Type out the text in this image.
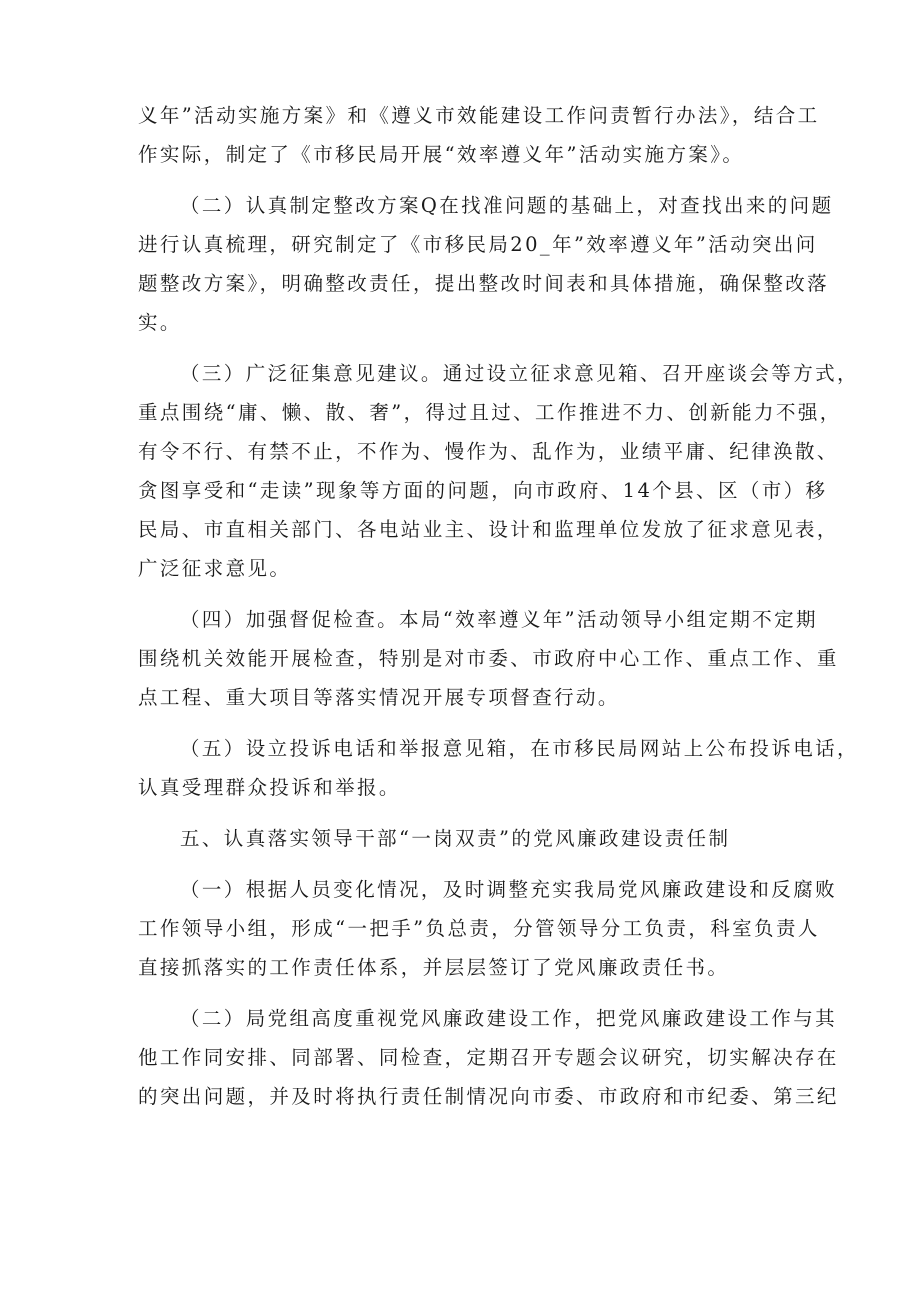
义年”活动实施方案》和《遵义市效能建设工作问责暂行办法》，结合工
作实际，制定了《市移民局开展“效率遵义年”活动实施方案》。

（二）认真制定整改方案Q在找准问题的基础上，对查找出来的问题
进行认真梳理，研究制定了《市移民局20_年”效率遵义年”活动突出问
题整改方案》，明确整改责任，提出整改时间表和具体措施，确保整改落
实。

（三）广泛征集意见建议。通过设立征求意见箱、召开座谈会等方式，
重点围绕“庸、懒、散、奢”，得过且过、工作推进不力、创新能力不强，
有令不行、有禁不止，不作为、慢作为、乱作为，业绩平庸、纪律涣散、
贪图享受和“走读”现象等方面的问题，向市政府、14个县、区（市）移
民局、市直相关部门、各电站业主、设计和监理单位发放了征求意见表，
广泛征求意见。

（四）加强督促检查。本局“效率遵义年”活动领导小组定期不定期
围绕机关效能开展检查，特别是对市委、市政府中心工作、重点工作、重
点工程、重大项目等落实情况开展专项督查行动。

（五）设立投诉电话和举报意见箱，在市移民局网站上公布投诉电话，
认真受理群众投诉和举报。

五、认真落实领导干部“一岗双责”的党风廉政建设责任制

（一）根据人员变化情况，及时调整充实我局党风廉政建设和反腐败
工作领导小组，形成“一把手”负总责，分管领导分工负责，科室负责人
直接抓落实的工作责任体系，并层层签订了党风廉政责任书。

（二）局党组高度重视党风廉政建设工作，把党风廉政建设工作与其
他工作同安排、同部署、同检查，定期召开专题会议研究，切实解决存在
的突出问题，并及时将执行责任制情况向市委、市政府和市纪委、第三纪
